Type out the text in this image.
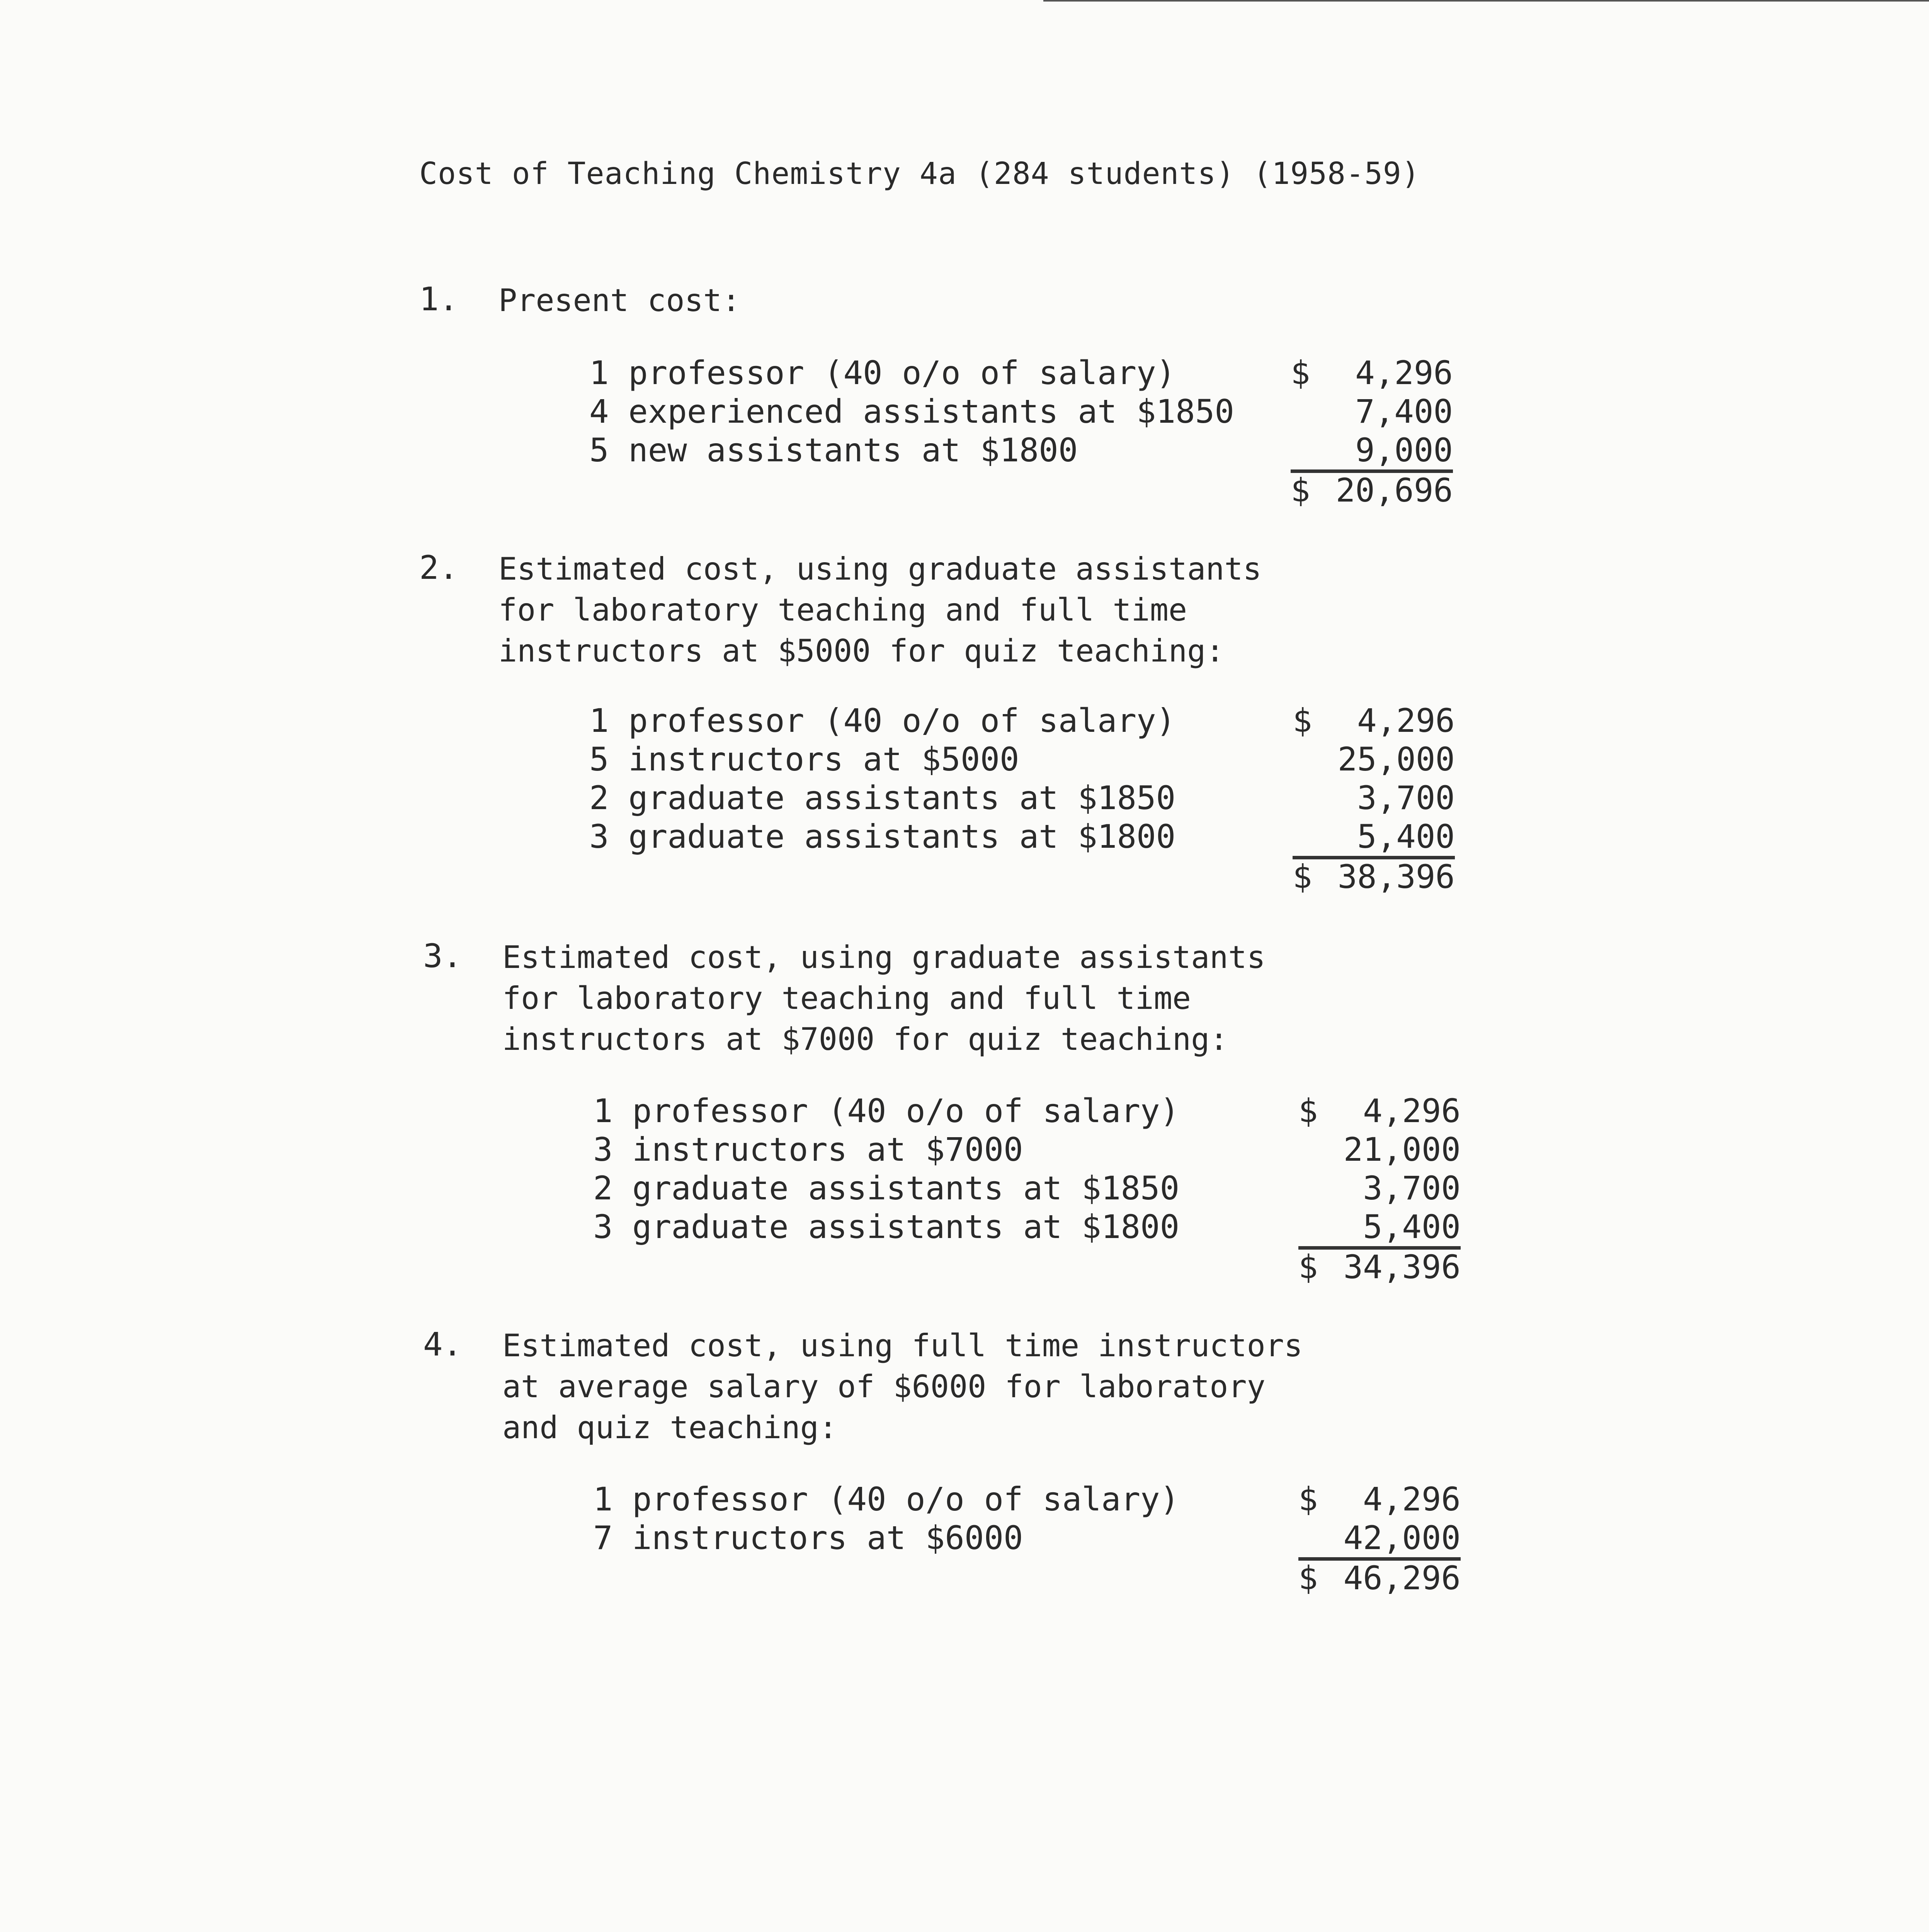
Cost of Teaching Chemistry 4a (284 students) (1958-59)
1. Present cost:
1 professor (40 o/o of salary)
4 experienced assistants at $1850
5 new assistants at $1800
$ 4,296
7,400
9,000
$ 20,696
2. Estimated cost, using graduate assistants
for laboratory teaching and full time
instructors at $5000 for quiz teaching:
1 professor (40 o/o of salary)
5 instructors at $5000
2 graduate assistants at $1850
3 graduate assistants at $1800
$ 4,296
25,000
3,700
5,400
$ 38,396
3. Estimated cost, using graduate assistants
for laboratory teaching and full time
instructors at $7000 for quiz teaching:
1 professor (40 o/o of salary)
3 instructors at $7000
2 graduate assistants at $1850
3 graduate assistants at $1800
$ 4,296
21,000
3,700
5,400
$ 34,396
4. Estimated cost, using full time instructors
at average salary of $6000 for laboratory
and quiz teaching:
1 professor (40 o/o of salary)
7 instructors at $6000
$ 4,296
42,000
$ 46,296
